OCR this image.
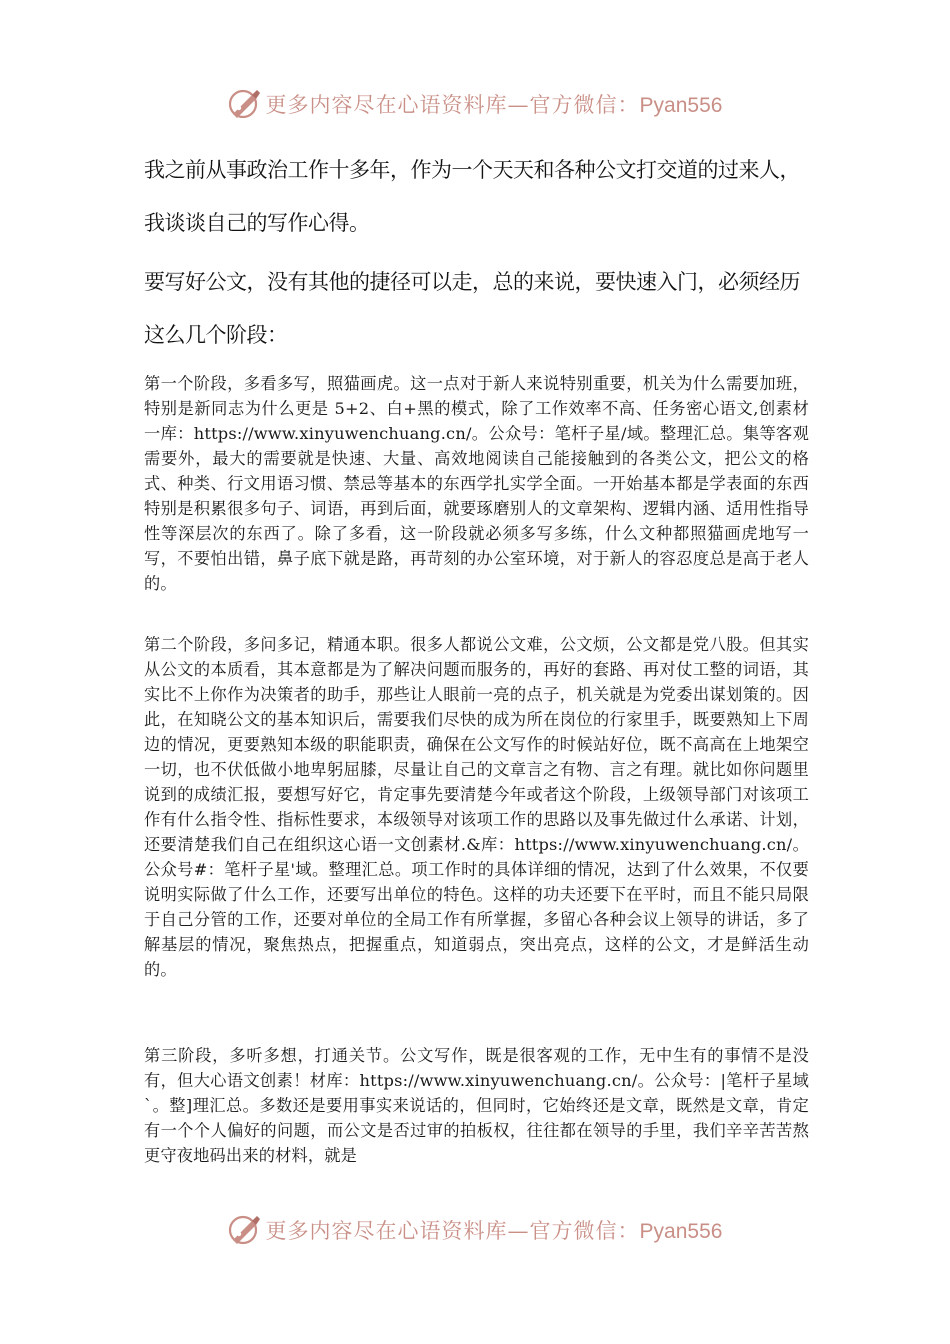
更多内容尽在心语资料库—官方微信：Pyan556

我之前从事政治工作十多年，作为一个天天和各种公文打交道的过来人，我谈谈自己的写作心得。

要写好公文，没有其他的捷径可以走，总的来说，要快速入门，必须经历这么几个阶段：

第一个阶段，多看多写，照猫画虎。这一点对于新人来说特别重要，机关为什么需要加班，特别是新同志为什么更是 5+2、白+黑的模式，除了工作效率不高、任务密心语文,创素材一库：https://www.xinyuwenchuang.cn/。公众号：笔杆子星/域。整理汇总。集等客观需要外，最大的需要就是快速、大量、高效地阅读自己能接触到的各类公文，把公文的格式、种类、行文用语习惯、禁忌等基本的东西学扎实学全面。一开始基本都是学表面的东西特别是积累很多句子、词语，再到后面，就要琢磨别人的文章架构、逻辑内涵、适用性指导性等深层次的东西了。除了多看，这一阶段就必须多写多练，什么文种都照猫画虎地写一写，不要怕出错，鼻子底下就是路，再苛刻的办公室环境，对于新人的容忍度总是高于老人的。

第二个阶段，多问多记，精通本职。很多人都说公文难，公文烦，公文都是党八股。但其实从公文的本质看，其本意都是为了解决问题而服务的，再好的套路、再对仗工整的词语，其实比不上你作为决策者的助手，那些让人眼前一亮的点子，机关就是为党委出谋划策的。因此，在知晓公文的基本知识后，需要我们尽快的成为所在岗位的行家里手，既要熟知上下周边的情况，更要熟知本级的职能职责，确保在公文写作的时候站好位，既不高高在上地架空一切，也不伏低做小地卑躬屈膝，尽量让自己的文章言之有物、言之有理。就比如你问题里说到的成绩汇报，要想写好它，肯定事先要清楚今年或者这个阶段，上级领导部门对该项工作有什么指令性、指标性要求，本级领导对该项工作的思路以及事先做过什么承诺、计划，还要清楚我们自己在组织这心语一文创素材.&库：https://www.xinyuwenchuang.cn/。公众号#：笔杆子星'域。整理汇总。项工作时的具体详细的情况，达到了什么效果，不仅要说明实际做了什么工作，还要写出单位的特色。这样的功夫还要下在平时，而且不能只局限于自己分管的工作，还要对单位的全局工作有所掌握，多留心各种会议上领导的讲话，多了解基层的情况，聚焦热点，把握重点，知道弱点，突出亮点，这样的公文，才是鲜活生动的。

第三阶段，多听多想，打通关节。公文写作，既是很客观的工作，无中生有的事情不是没有，但大心语文创素！材库：https://www.xinyuwenchuang.cn/。公众号：|笔杆子星域`。整]理汇总。多数还是要用事实来说话的，但同时，它始终还是文章，既然是文章，肯定有一个个人偏好的问题，而公文是否过审的拍板权，往往都在领导的手里，我们辛辛苦苦熬更守夜地码出来的材料，就是

更多内容尽在心语资料库—官方微信：Pyan556
